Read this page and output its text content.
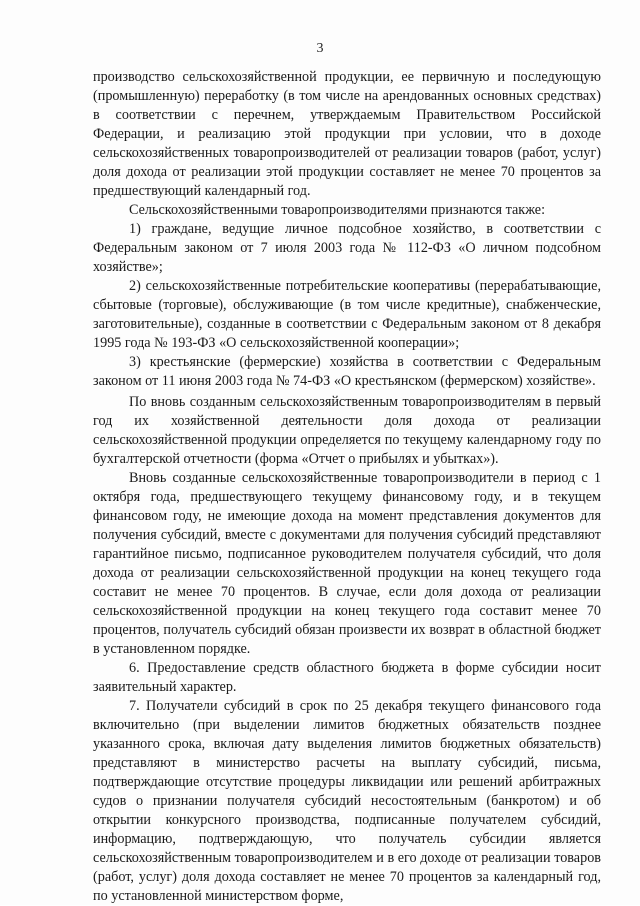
3

производство сельскохозяйственной продукции, ее первичную и последующую (промышленную) переработку (в том числе на арендованных основных средствах) в соответствии с перечнем, утверждаемым Правительством Российской Федерации, и реализацию этой продукции при условии, что в доходе сельскохозяйственных товаропроизводителей от реализации товаров (работ, услуг) доля дохода от реализации этой продукции составляет не менее 70 процентов за предшествующий календарный год.

Сельскохозяйственными товаропроизводителями признаются также:

1) граждане, ведущие личное подсобное хозяйство, в соответствии с Федеральным законом от 7 июля 2003 года № 112-ФЗ «О личном подсобном хозяйстве»;

2) сельскохозяйственные потребительские кооперативы (перерабатывающие, сбытовые (торговые), обслуживающие (в том числе кредитные), снабженческие, заготовительные), созданные в соответствии с Федеральным законом от 8 декабря 1995 года № 193-ФЗ «О сельскохозяйственной кооперации»;

3) крестьянские (фермерские) хозяйства в соответствии с Федеральным законом от 11 июня 2003 года № 74-ФЗ «О крестьянском (фермерском) хозяйстве».

По вновь созданным сельскохозяйственным товаропроизводителям в первый год их хозяйственной деятельности доля дохода от реализации сельскохозяйственной продукции определяется по текущему календарному году по бухгалтерской отчетности (форма «Отчет о прибылях и убытках»).

Вновь созданные сельскохозяйственные товаропроизводители в период с 1 октября года, предшествующего текущему финансовому году, и в текущем финансовом году, не имеющие дохода на момент представления документов для получения субсидий, вместе с документами для получения субсидий представляют гарантийное письмо, подписанное руководителем получателя субсидий, что доля дохода от реализации сельскохозяйственной продукции на конец текущего года составит не менее 70 процентов. В случае, если доля дохода от реализации сельскохозяйственной продукции на конец текущего года составит менее 70 процентов, получатель субсидий обязан произвести их возврат в областной бюджет в установленном порядке.

6. Предоставление средств областного бюджета в форме субсидии носит заявительный характер.

7. Получатели субсидий в срок по 25 декабря текущего финансового года включительно (при выделении лимитов бюджетных обязательств позднее указанного срока, включая дату выделения лимитов бюджетных обязательств) представляют в министерство расчеты на выплату субсидий, письма, подтверждающие отсутствие процедуры ликвидации или решений арбитражных судов о признании получателя субсидий несостоятельным (банкротом) и об открытии конкурсного производства, подписанные получателем субсидий, информацию, подтверждающую, что получатель субсидии является сельскохозяйственным товаропроизводителем и в его доходе от реализации товаров (работ, услуг) доля дохода составляет не менее 70 процентов за календарный год, по установленной министерством форме,
